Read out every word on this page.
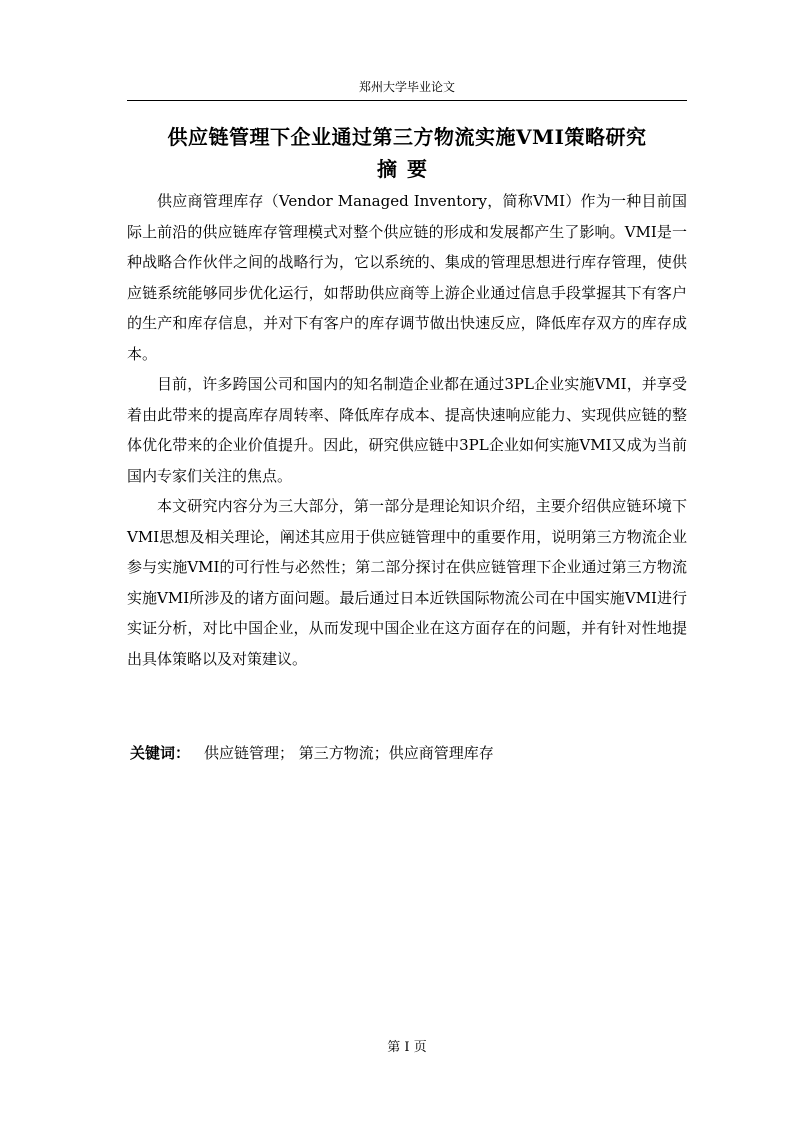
郑州大学毕业论文
供应链管理下企业通过第三方物流实施VMI策略研究
摘要

供应商管理库存（Vendor Managed Inventory，简称VMI）作为一种目前国际上前沿的供应链库存管理模式对整个供应链的形成和发展都产生了影响。VMI是一种战略合作伙伴之间的战略行为，它以系统的、集成的管理思想进行库存管理，使供应链系统能够同步优化运行，如帮助供应商等上游企业通过信息手段掌握其下有客户的生产和库存信息，并对下有客户的库存调节做出快速反应，降低库存双方的库存成本。

目前，许多跨国公司和国内的知名制造企业都在通过3PL企业实施VMI，并享受着由此带来的提高库存周转率、降低库存成本、提高快速响应能力、实现供应链的整体优化带来的企业价值提升。因此，研究供应链中3PL企业如何实施VMI又成为当前国内专家们关注的焦点。

本文研究内容分为三大部分，第一部分是理论知识介绍，主要介绍供应链环境下VMI思想及相关理论，阐述其应用于供应链管理中的重要作用，说明第三方物流企业参与实施VMI的可行性与必然性；第二部分探讨在供应链管理下企业通过第三方物流实施VMI所涉及的诸方面问题。最后通过日本近铁国际物流公司在中国实施VMI进行实证分析，对比中国企业，从而发现中国企业在这方面存在的问题，并有针对性地提出具体策略以及对策建议。

关键词： 供应链管理； 第三方物流；供应商管理库存
第 I 页
